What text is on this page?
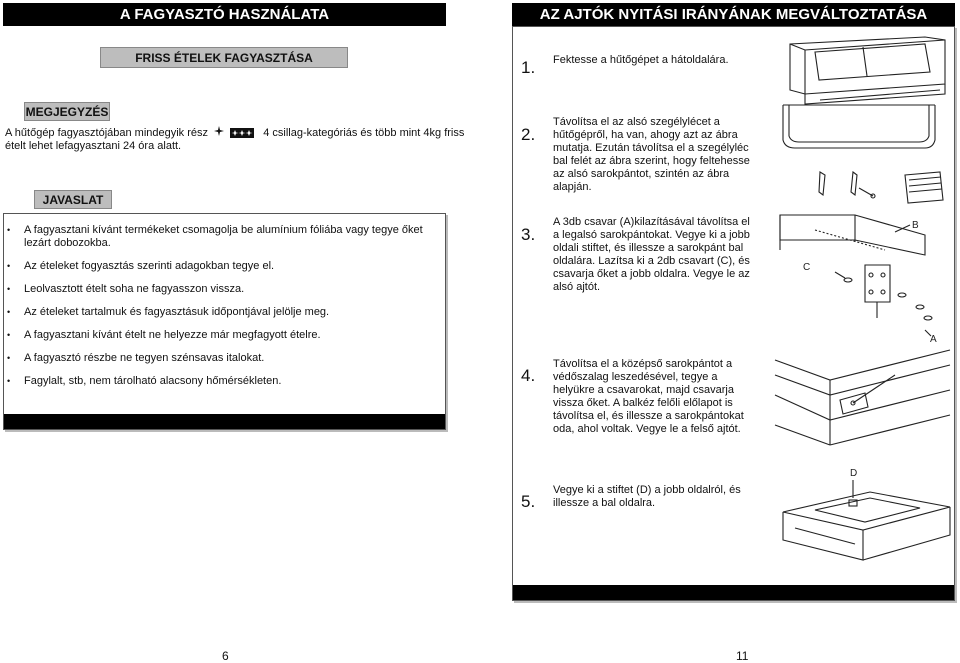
A FAGYASZTÓ HASZNÁLATA
FRISS ÉTELEK FAGYASZTÁSA
MEGJEGYZÉS
A hűtőgép fagyasztójában mindegyik rész	4 csillag-kategóriás és több mint 4kg friss
ételt lehet lefagyasztani 24 óra alatt.
JAVASLAT
• A fagyasztani kívánt termékeket csomagolja be alumínium fóliába vagy tegye őket lezárt dobozokba.
• Az ételeket fogyasztás szerinti adagokban tegye el.
• Leolvasztott ételt soha ne fagyasszon vissza.
• Az ételeket tartalmuk és fagyasztásuk időpontjával jelölje meg.
• A fagyasztani kívánt ételt ne helyezze már megfagyott ételre.
• A fagyasztó részbe ne tegyen szénsavas italokat.
• Fagylalt, stb, nem tárolható alacsony hőmérsékleten.
6
AZ AJTÓK NYITÁSI IRÁNYÁNAK MEGVÁLTOZTATÁSA
1. Fektesse a hűtőgépet a hátoldalára.
2.
Távolítsa el az alsó szegélylécet a hűtőgépről, ha van, ahogy azt az ábra mutatja. Ezután távolítsa el a szegélyléc bal felét az ábra szerint, hogy feltehesse az alsó sarokpántot, szintén az ábra alapján.
3.
A 3db csavar (A)kilazításával távolítsa el a legalsó sarokpántokat. Vegye ki a jobb oldali stiftet, és illessze a sarokpánt bal oldalára. Lazítsa ki a 2db csavart (C), és csavarja őket a jobb oldalra. Vegye le az alsó ajtót.
4.
Távolítsa el a középső sarokpántot a védőszalag leszedésével, tegye a helyükre a csavarokat, majd csavarja vissza őket. A balkéz felőli előlapot is távolítsa el, és illessze a sarokpántokat oda, ahol voltak. Vegye le a felső ajtót.
5.
Vegye ki a stiftet (D) a jobb oldalról, és illessze a bal oldalra.
B
C
A
D
11
